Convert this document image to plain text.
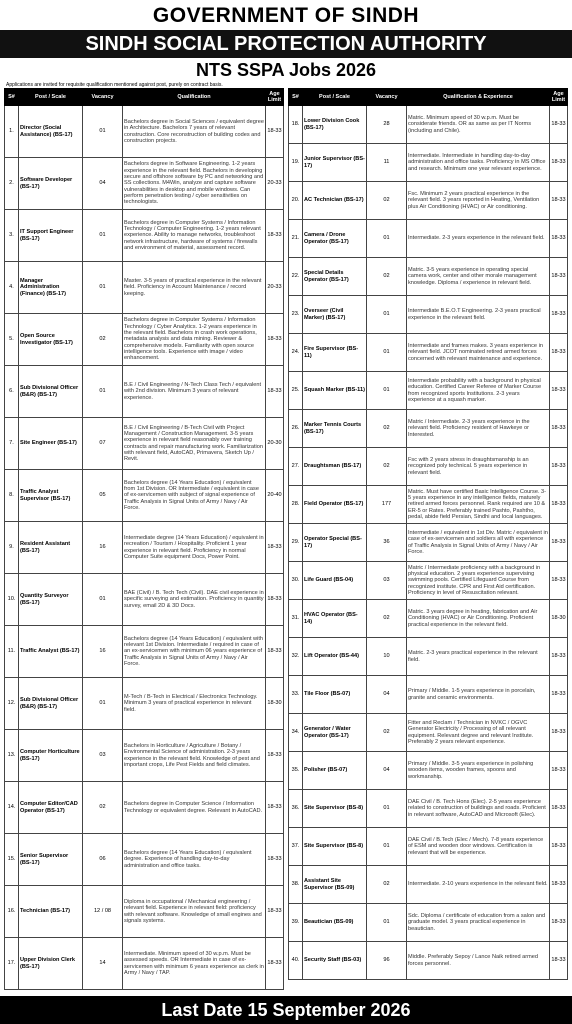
GOVERNMENT OF SINDH
SINDH SOCIAL PROTECTION AUTHORITY
NTS SSPA Jobs 2026
Applications are invited for requisite qualification mentioned against post, purely on contract basis.
S#	Post / Scale	Vacancy	Qualification	Age Limit

1.	Director (Social Assistance) (BS-17)	01	Bachelors degree in Social Sciences / equivalent degree in Architecture. Bachelors 7 years of relevant construction. Core reconstruction of building codes and construction projects.	18-33

2.	Software Developer (BS-17)	04	Bachelors degree in Software Engineering. 1-2 years experience in the relevant field. Bachelors in developing secure and offshore software by PC and networking and SS collections. M4Win, analyze and capture software vulnerabilities in desktop and mobile windows. Can perform penetration testing / cyber sensitivities on technologists.	20-33

3.	IT Support Engineer (BS-17)	01	Bachelors degree in Computer Systems / Information Technology / Computer Engineering. 1-2 years relevant experience. Ability to manage networks, troubleshoot network infrastructure, hardware of systems / firewalls and environment of material, assessment record.	18-33

4.	Manager Administration (Finance) (BS-17)	01	Master. 3-5 years of practical experience in the relevant field. Proficiency in Account Maintenance / record keeping.	20-33

5.	Open Source Investigator (BS-17)	02	Bachelors degree in Computer Systems / Information Technology / Cyber Analytics. 1-2 years experience in the relevant field. Bachelors in crash work operations, metadata analysis and data mining. Reviewer & comprehensive models. Familiarity with open source intelligence tools. Experience with image / video enhancement.	18-33

6.	Sub Divisional Officer (B&R) (BS-17)	01	B.E / Civil Engineering / N-Tech Class Tech / equivalent with 2nd division. Minimum 3 years of relevant experience.	18-33

7.	Site Engineer (BS-17)	07	B.E / Civil Engineering / B-Tech Civil with Project Management / Construction Management. 3-5 years experience in relevant field reasonably over training contracts and repair manufacturing work. Familiarization with relevant field, AutoCAD, Primavera, Sketch Up / Revit.	20-30

8.	Traffic Analyst Supervisor (BS-17)	05	Bachelors degree (14 Years Education) / equivalent from 1st Division. OR Intermediate / equivalent in case of ex-servicemen with subject of signal experience of Traffic Analysis in Signal Units of Army / Navy / Air Force.	20-40

9.	Resident Assistant (BS-17)	16	Intermediate degree (14 Years Education) / equivalent in recreation / Tourism / Hospitality. Proficient 1 year experience in relevant field. Proficiency in normal Computer Suite equipment Docs, Power Point.	18-33

10.	Quantity Surveyor (BS-17)	01	BAE (Civil) / B. Tech Tech (Civil). DAE civil experience in specific surveying and estimation. Proficiency in quantity survey, email 2D & 3D Docs.	18-33

11.	Traffic Analyst (BS-17)	16	Bachelors degree (14 Years Education) / equivalent with relevant 1st Division. Intermediate / required in case of an ex-servicemen with minimum 06 years experience of Traffic Analysis in Signal Units of Army / Navy / Air Force.	18-33

12.	Sub Divisional Officer (B&R) (BS-17)	01	M-Tech / B-Tech in Electrical / Electronics Technology. Minimum 3 years of practical experience in relevant field.	18-30

13.	Computer Horticulture (BS-17)	03	Bachelors in Horticulture / Agriculture / Botany / Environmental Science of administration. 2-3 years experience in the relevant field. Knowledge of pest and important crops, Life Pest Fields and field climates.	18-33

14.	Computer Editor/CAD Operator (BS-17)	02	Bachelors degree in Computer Science / Information Technology or equivalent degree. Relevant in AutoCAD.	18-33

15.	Senior Supervisor (BS-17)	06	Bachelors degree (14 Years Education) / equivalent degree. Experience of handling day-to-day administration and office tasks.	18-33

16.	Technician (BS-17)	12 / 08	Diploma in occupational / Mechanical engineering / relevant field. Experience in relevant field: proficiency with relevant software. Knowledge of small engines and signals systems.	18-33

17.	Upper Division Clerk (BS-17)	14	Intermediate. Minimum speed of 30 w.p.m. Must be assessed speeds. OR Intermediate in case of ex-servicemen with minimum 6 years experience as clerk in Army / Navy / TAP.	18-33
S#	Post / Scale	Vacancy	Qualification & Experience	Age Limit

18.	Lower Division Cook (BS-17)	28	Matric. Minimum speed of 30 w.p.m. Must be considerate friends. OR as same as per IT Norms (including and Chile).	18-33

19.	Junior Supervisor (BS-17)	11	Intermediate. Intermediate in handling day-to-day administration and office tasks. Proficiency in MS Office and research. Minimum one year relevant experience.	18-33

20.	AC Technician (BS-17)	02	Fsc. Minimum 2 years practical experience in the relevant field. 3 years reported in Heating, Ventilation plus Air Conditioning (HVAC) or Air conditioning.	18-33

21.	Camera / Drone Operator (BS-17)	01	Intermediate. 2-3 years experience in the relevant field.	18-33

22.	Special Details Operator (BS-17)	02	Matric. 3-5 years experience in operating special camera work, center and other morale management knowledge. Diploma / experience in relevant field.	18-33

23.	Overseer (Civil Marker) (BS-17)	01	Intermediate B.E.O.T Engineering. 2-3 years practical experience in the relevant field.	18-33

24.	Fire Supervisor (BS-11)	01	Intermediate and frames makes. 3 years experience in relevant field. JCOT nominated retired armed forces concerned with relevant maintenance and experience.	18-33

25.	Squash Marker (BS-11)	01	Intermediate probability with a background in physical education. Certified Career Referee of Marker Course from recognized sports Institutions. 2-3 years experience at a squash marker.	18-33

26.	Marker Tennis Courts (BS-17)	02	Matric / Intermediate. 2-3 years experience in the relevant field. Proficiency resident of Hawkeye or Interested.	18-33

27.	Draughtsman (BS-17)	02	Fsc with 2 years stress in draughtsmanship is an recognized poly technical. 5 years experience in relevant field.	18-33

28.	Field Operator (BS-17)	177	Matric. Must have certified Basic Intelligence Course. 3-5 years experience in any intelligence fields, maturely retired armed forces personnel. Rank required are 10 & ER-5 or Rates. Preferably trained Pashto, Pashtho, pedal, abide field Persian, Sindhi and local languages.	18-33

29.	Operator Special (BS-17)	36	Intermediate / equivalent in 1st Div. Matric / equivalent in case of ex-servicemen and soldiers all with experience of Traffic Analysis in Signal Units of Army / Navy / Air Force.	18-33

30.	Life Guard (BS-04)	03	Matric / Intermediate proficiency with a background in physical education. 2 years experience supervising swimming pools. Certified Lifeguard Course from recognized institute. CPR and First Aid certification. Proficiency in level of Resuscitation relevant.	18-33

31.	HVAC Operator (BS-14)	02	Matric. 3 years degree in heating, fabrication and Air Conditioning (HVAC) or Air Conditioning. Proficient practical experience in the relevant field.	18-30

32.	Lift Operator (BS-44)	10	Matric. 2-3 years practical experience in the relevant field.	18-33

33.	Tile Floor (BS-07)	04	Primary / Middle. 1-5 years experience in porcelain, granite and ceramic environments.	18-33

34.	Generator / Water Operator (BS-17)	02	Fitter and Reclam / Technician in NVKC / OGVC Generator Electricity / Processing of all relevant equipment. Relevant degree and relevant Institute. Preferably 2 years relevant experience.	18-33

35.	Polisher (BS-07)	04	Primary / Middle. 3-5 years experience in polishing wooden items, wooden frames, spoons and workmanship.	18-33

36.	Site Supervisor (BS-8)	01	DAE Civil / B. Tech Hons (Elec). 2-5 years experience related to construction of buildings and roads. Proficient in relevant software, AutoCAD and Microsoft (Elec).	18-33

37.	Site Supervisor (BS-8)	01	DAE Civil / B.Tech (Elec / Mech). 7-8 years experience of ESM and wooden door windows. Certification is relevant that will be experience.	18-33

38.	Assistant Site Supervisor (BS-09)	02	Intermediate. 2-10 years experience in the relevant field.	18-33

39.	Beautician (BS-09)	01	Sdc. Diploma / certificate of education from a salon and graduate model. 3 years practical experience in beautician.	18-33

40.	Security Staff (BS-03)	96	Middle. Preferably Sepoy / Lance Naik retired armed forces personnel.	18-33
Last Date 15 September 2026
